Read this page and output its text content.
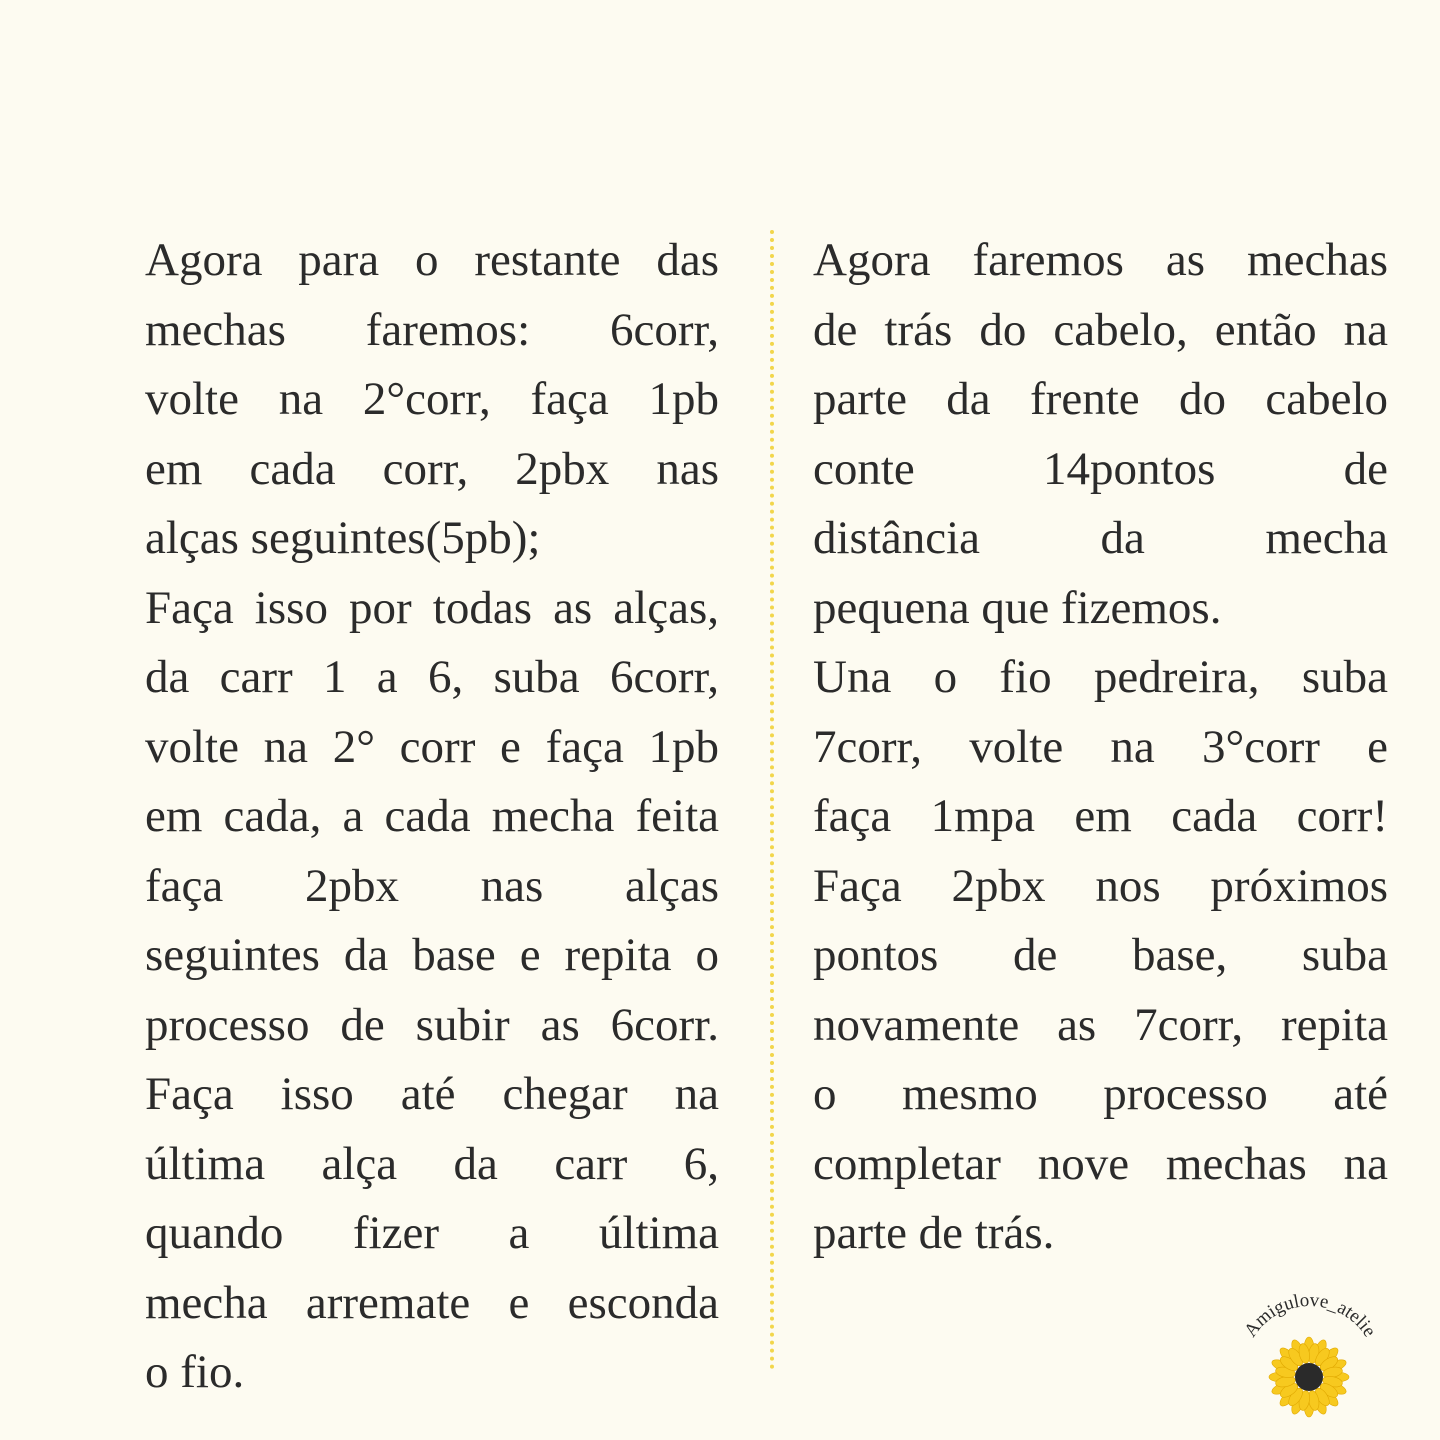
Agora para o restante das
mechas faremos: 6corr,
volte na 2°corr, faça 1pb
em cada corr, 2pbx nas
alças seguintes(5pb);
Faça isso por todas as alças,
da carr 1 a 6, suba 6corr,
volte na 2° corr e faça 1pb
em cada, a cada mecha feita
faça 2pbx nas alças
seguintes da base e repita o
processo de subir as 6corr.
Faça isso até chegar na
última alça da carr 6,
quando fizer a última
mecha arremate e esconda
o fio.
Agora faremos as mechas
de trás do cabelo, então na
parte da frente do cabelo
conte 14pontos de
distância da mecha
pequena que fizemos.
Una o fio pedreira, suba
7corr, volte na 3°corr e
faça 1mpa em cada corr!
Faça 2pbx nos próximos
pontos de base, suba
novamente as 7corr, repita
o mesmo processo até
completar nove mechas na
parte de trás.
Amigulove_atelie
